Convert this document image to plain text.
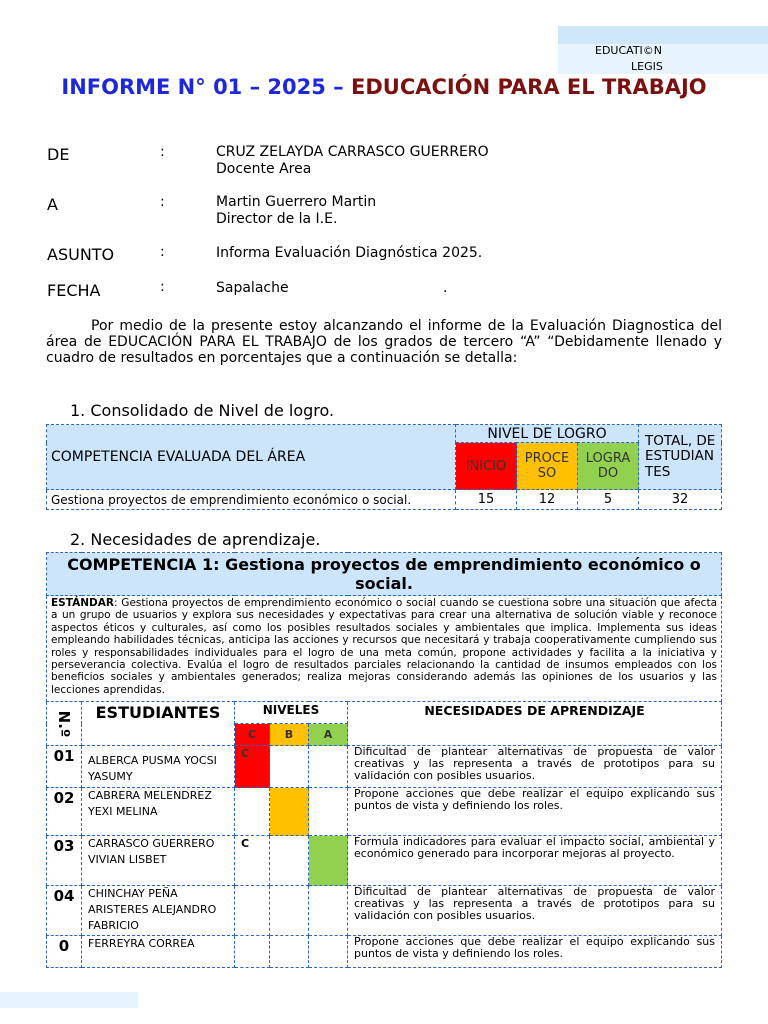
EDUCATI©N
LEGIS
INFORME N° 01 – 2025 – EDUCACIÓN PARA EL TRABAJO
DE	:	CRUZ ZELAYDA CARRASCO GUERRERO
Docente Area
A	:	Martin Guerrero Martin
Director de la I.E.
ASUNTO	:	Informa Evaluación Diagnóstica 2025.
FECHA	:	Sapalache	.
Por medio de la presente estoy alcanzando el informe de la Evaluación Diagnostica del área de EDUCACIÓN PARA EL TRABAJO de los grados de tercero “A” “Debidamente llenado y cuadro de resultados en porcentajes que a continuación se detalla:
1. Consolidado de Nivel de logro.
COMPETENCIA EVALUADA DEL ÁREA	NIVEL DE LOGRO			TOTAL, DE ESTUDIANTES
	INICIO	PROCESO	LOGRADO	
Gestiona proyectos de emprendimiento económico o social.	15	12	5	32
2. Necesidades de aprendizaje.
COMPETENCIA 1: Gestiona proyectos de emprendimiento económico o social.					
ESTÁNDAR: Gestiona proyectos de emprendimiento económico o social cuando se cuestiona sobre una situación que afecta a un grupo de usuarios y explora sus necesidades y expectativas para crear una alternativa de solución viable y reconoce aspectos éticos y culturales, así como los posibles resultados sociales y ambientales que implica. Implementa sus ideas empleando habilidades técnicas, anticipa las acciones y recursos que necesitará y trabaja cooperativamente cumpliendo sus roles y responsabilidades individuales para el logro de una meta común, propone actividades y facilita a la iniciativa y perseverancia colectiva. Evalúa el logro de resultados parciales relacionando la cantidad de insumos empleados con los beneficios sociales y ambientales generados; realiza mejoras considerando además las opiniones de los usuarios y las lecciones aprendidas.					

N.º	ESTUDIANTES	NIVELES			NECESIDADES DE APRENDIZAJE
		C	B	A	
01	ALBERCA PUSMA YOCSI YASUMY	C			Dificultad de plantear alternativas de propuesta de valor creativas y las representa a través de prototipos para su validación con posibles usuarios.
02	CABRERA MELENDREZ YEXI MELINA				Propone acciones que debe realizar el equipo explicando sus puntos de vista y definiendo los roles.
03	CARRASCO GUERRERO VIVIAN LISBET	C			Formula indicadores para evaluar el impacto social, ambiental y económico generado para incorporar mejoras al proyecto.
04	CHINCHAY PEÑA ARISTERES ALEJANDRO FABRICIO				Dificultad de plantear alternativas de propuesta de valor creativas y las representa a través de prototipos para su validación con posibles usuarios.
0	FERREYRA CORREA				Propone acciones que debe realizar el equipo explicando sus puntos de vista y definiendo los roles.
